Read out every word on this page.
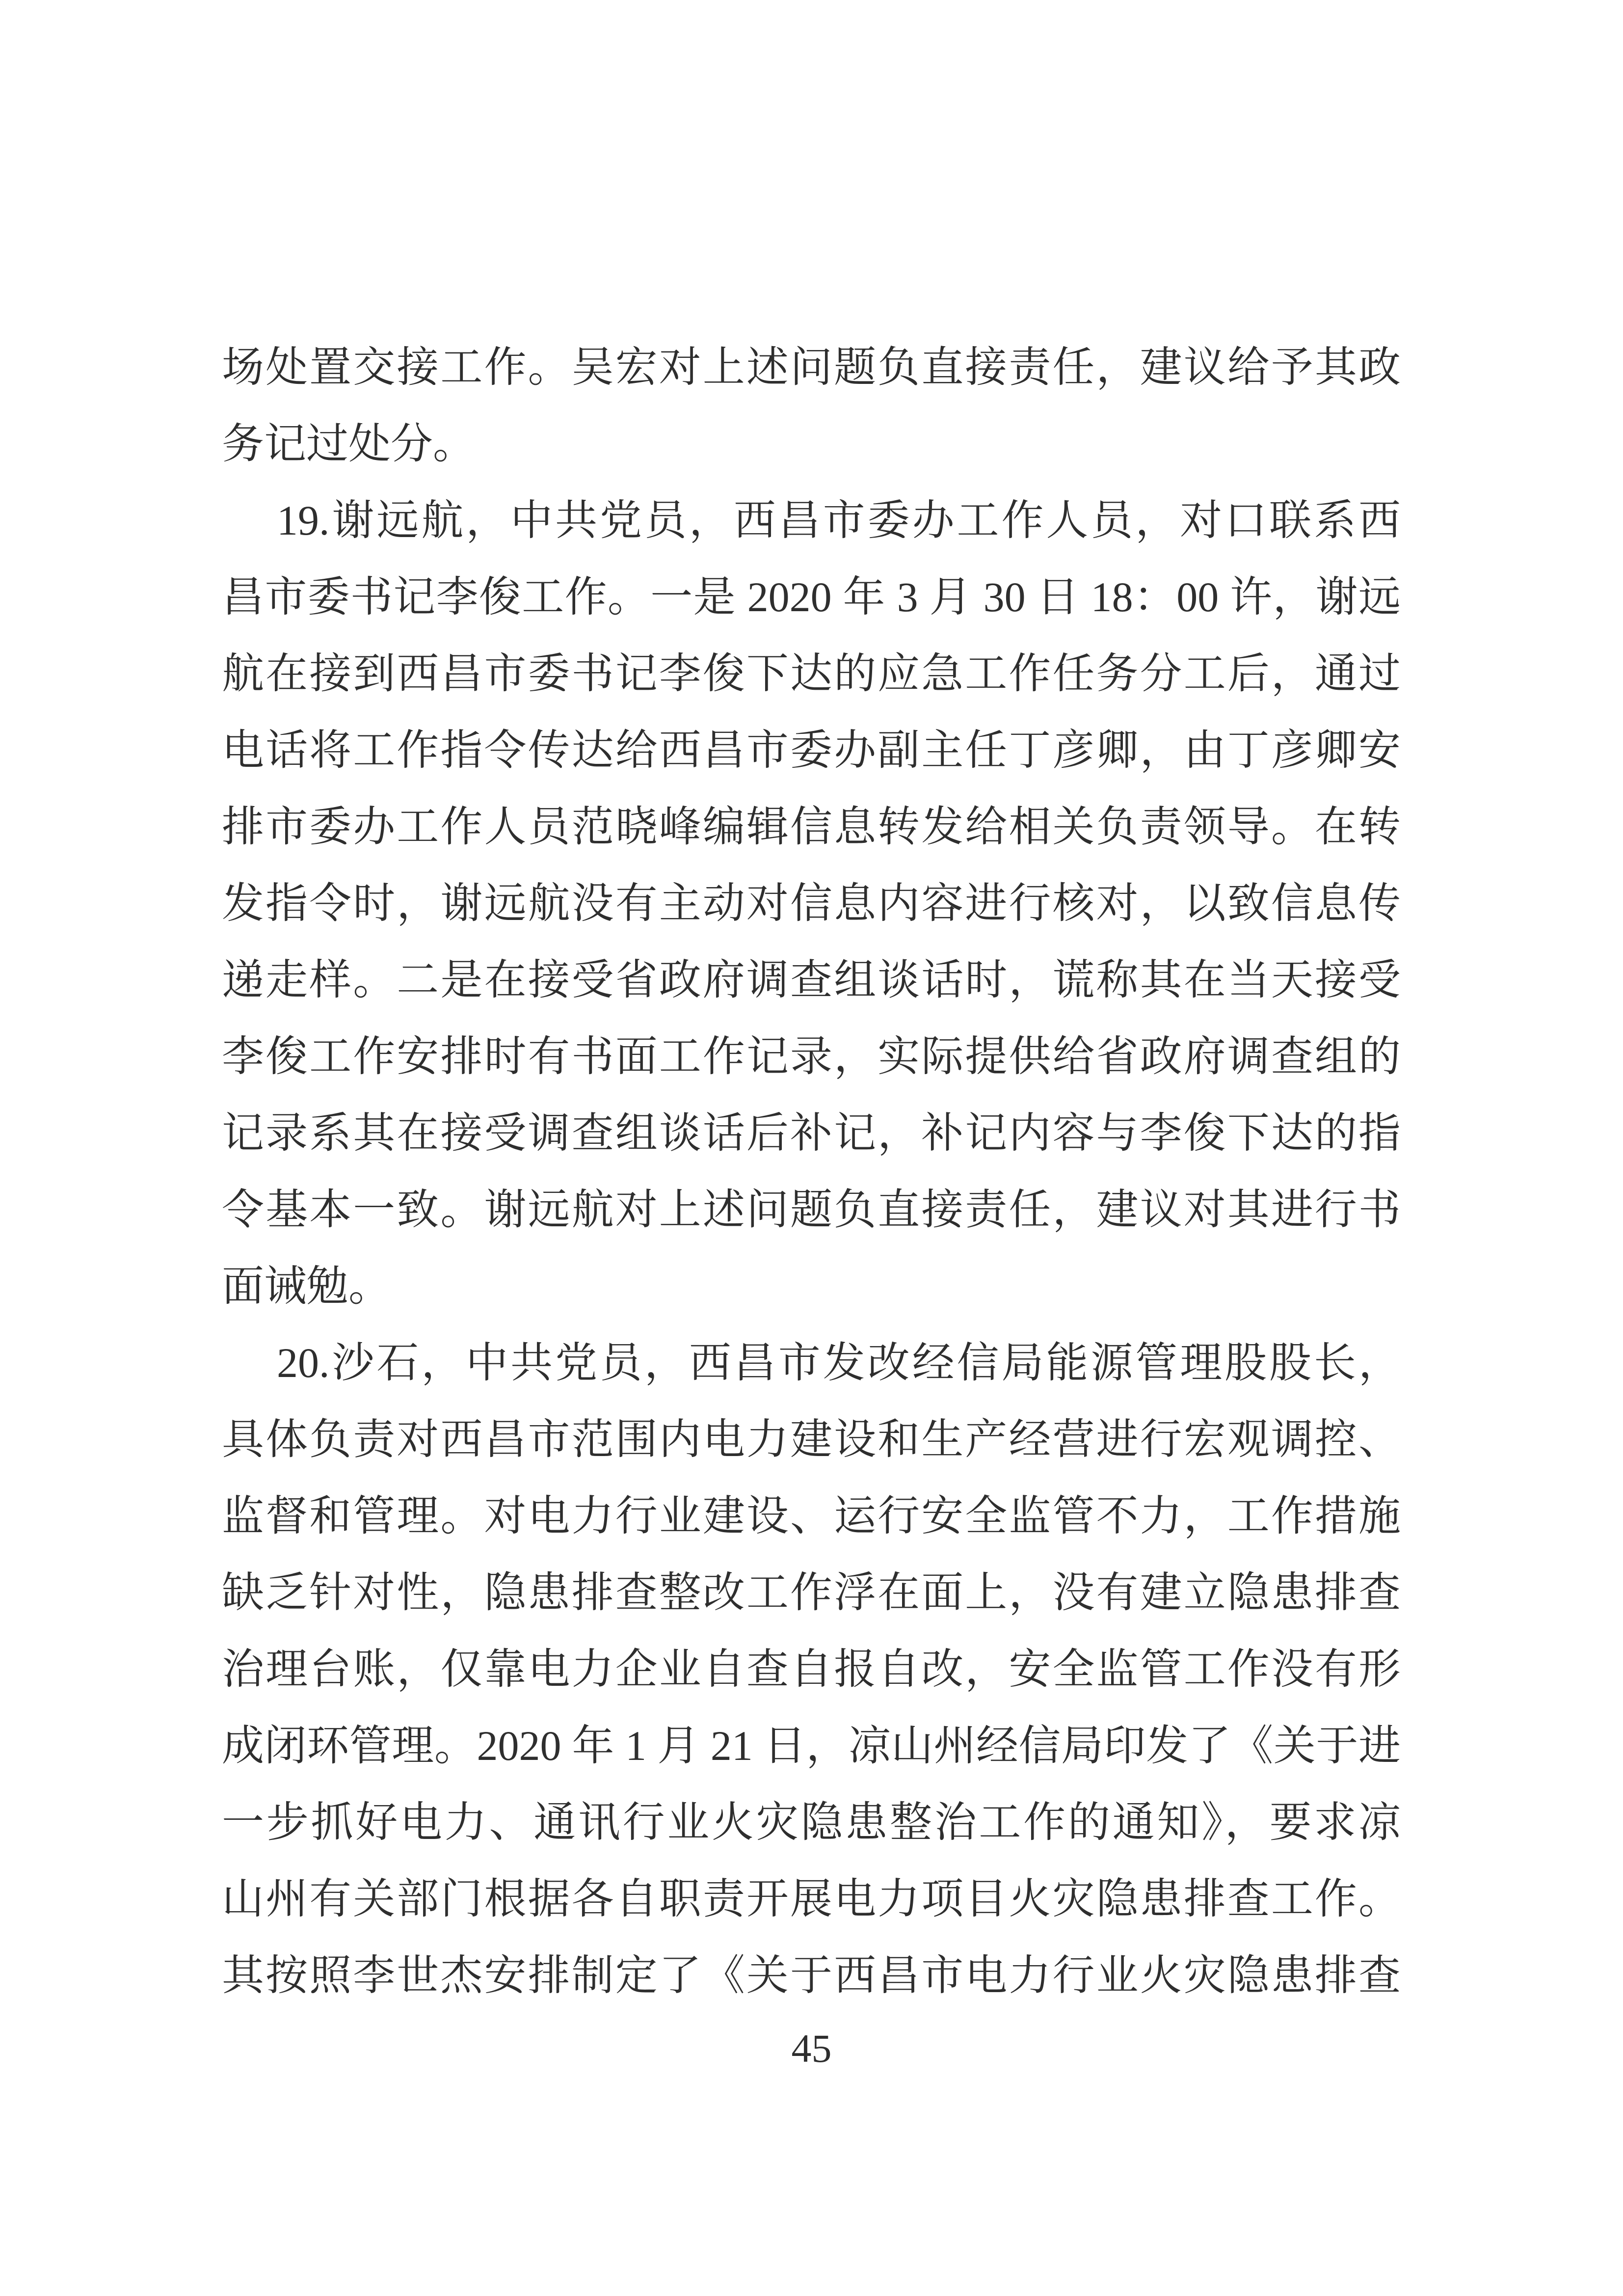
场处置交接工作。吴宏对上述问题负直接责任，建议给予其政
务记过处分。
19.谢远航，中共党员，西昌市委办工作人员，对口联系西
昌市委书记李俊工作。一是 2020 年 3 月 30 日 18：00 许，谢远
航在接到西昌市委书记李俊下达的应急工作任务分工后，通过
电话将工作指令传达给西昌市委办副主任丁彦卿，由丁彦卿安
排市委办工作人员范晓峰编辑信息转发给相关负责领导。在转
发指令时，谢远航没有主动对信息内容进行核对，以致信息传
递走样。二是在接受省政府调查组谈话时，谎称其在当天接受
李俊工作安排时有书面工作记录，实际提供给省政府调查组的
记录系其在接受调查组谈话后补记，补记内容与李俊下达的指
令基本一致。谢远航对上述问题负直接责任，建议对其进行书
面诫勉。
20.沙石，中共党员，西昌市发改经信局能源管理股股长，
具体负责对西昌市范围内电力建设和生产经营进行宏观调控、
监督和管理。对电力行业建设、运行安全监管不力，工作措施
缺乏针对性，隐患排查整改工作浮在面上，没有建立隐患排查
治理台账，仅靠电力企业自查自报自改，安全监管工作没有形
成闭环管理。2020 年 1 月 21 日，凉山州经信局印发了《关于进
一步抓好电力、通讯行业火灾隐患整治工作的通知》，要求凉
山州有关部门根据各自职责开展电力项目火灾隐患排查工作。
其按照李世杰安排制定了《关于西昌市电力行业火灾隐患排查
45
